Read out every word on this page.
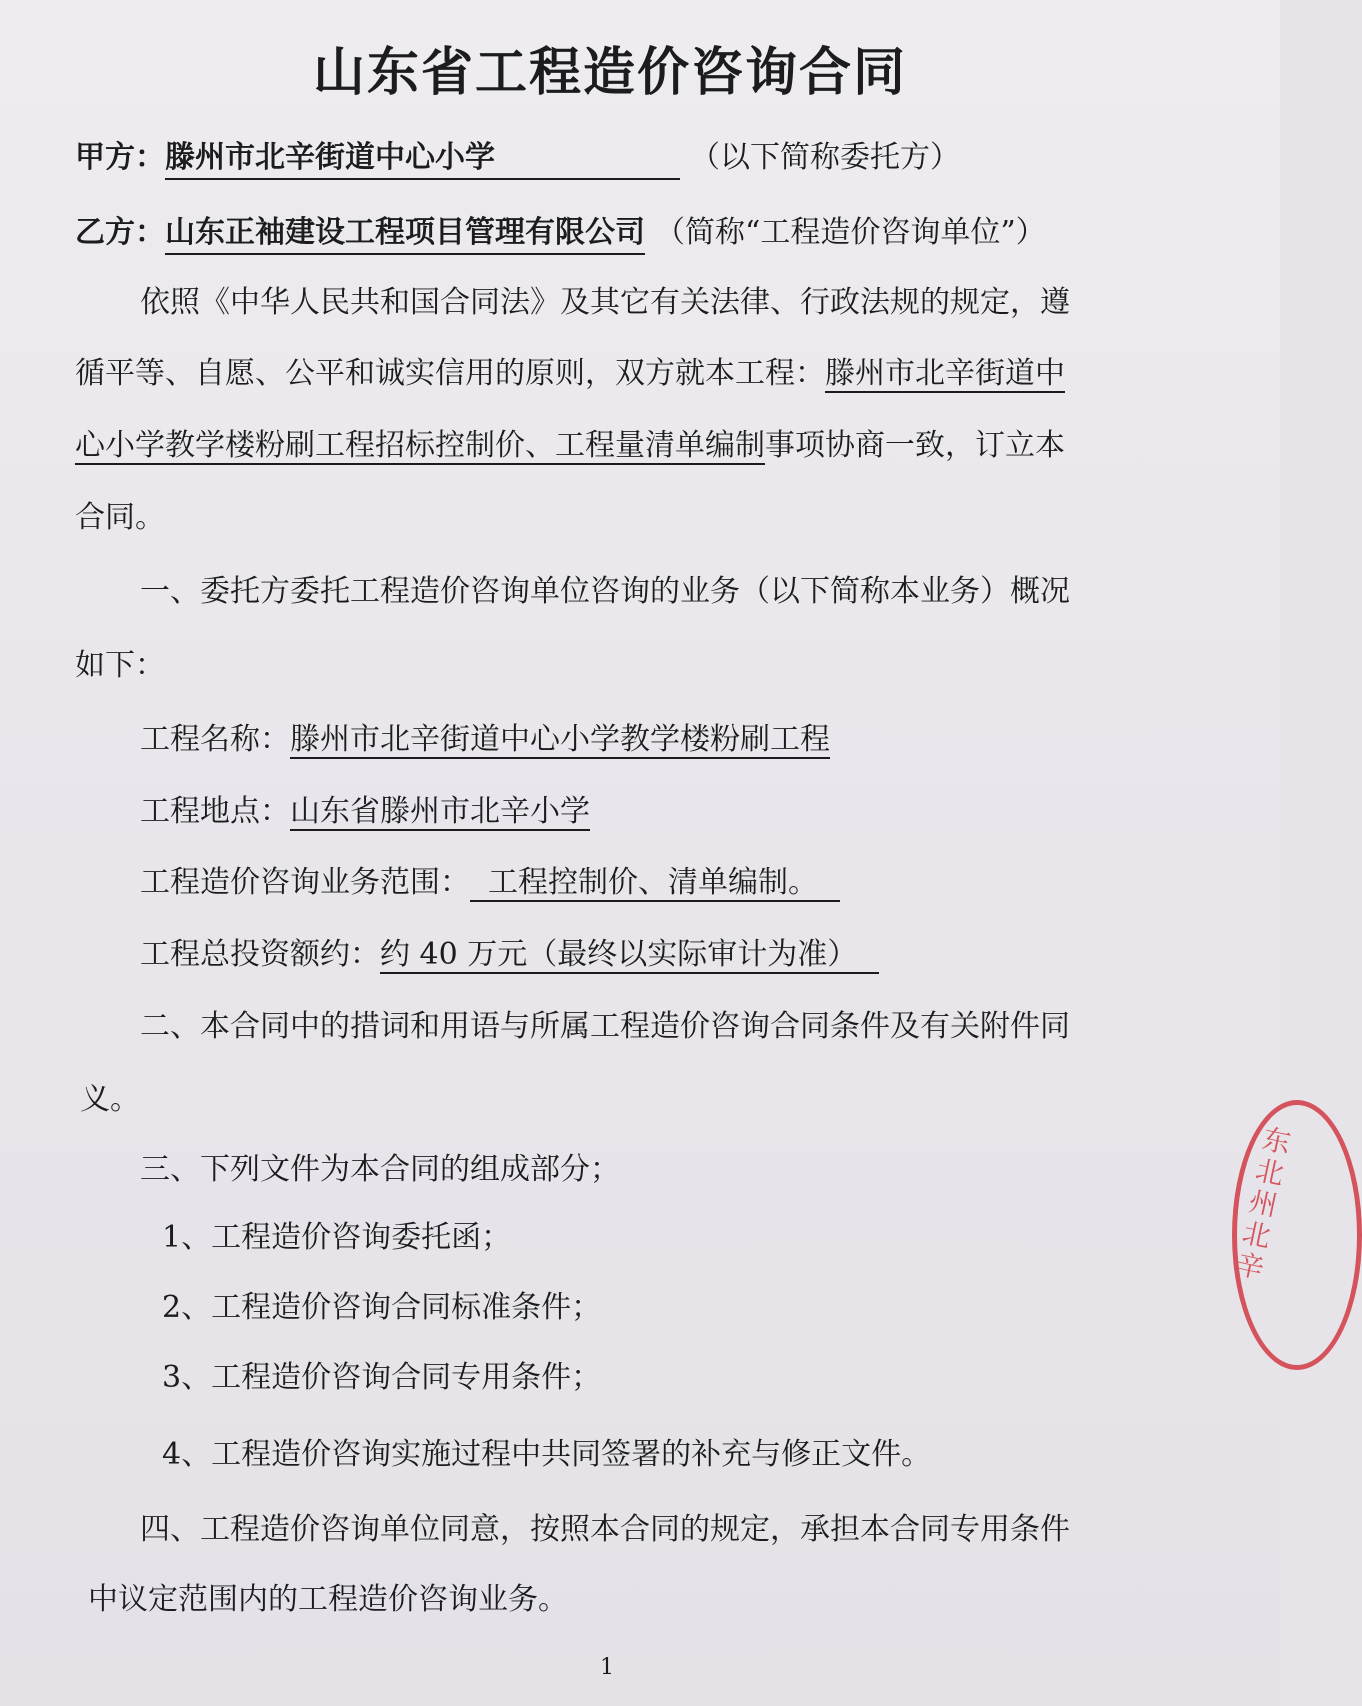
山东省工程造价咨询合同
甲方：滕州市北辛街道中心小学	（以下简称委托方）
乙方：山东正袖建设工程项目管理有限公司 （简称“工程造价咨询单位”）
依照《中华人民共和国合同法》及其它有关法律、行政法规的规定，遵
循平等、自愿、公平和诚实信用的原则，双方就本工程：滕州市北辛街道中
心小学教学楼粉刷工程招标控制价、工程量清单编制事项协商一致，订立本
合同。
一、委托方委托工程造价咨询单位咨询的业务（以下简称本业务）概况
如下：
工程名称：滕州市北辛街道中心小学教学楼粉刷工程
工程地点：山东省滕州市北辛小学
工程造价咨询业务范围： 工程控制价、清单编制。
工程总投资额约：约 40 万元（最终以实际审计为准）
二、本合同中的措词和用语与所属工程造价咨询合同条件及有关附件同
义。
三、下列文件为本合同的组成部分；
1、工程造价咨询委托函；
2、工程造价咨询合同标准条件；
3、工程造价咨询合同专用条件；
4、工程造价咨询实施过程中共同签署的补充与修正文件。
四、工程造价咨询单位同意，按照本合同的规定，承担本合同专用条件
中议定范围内的工程造价咨询业务。
1
东北州北辛
